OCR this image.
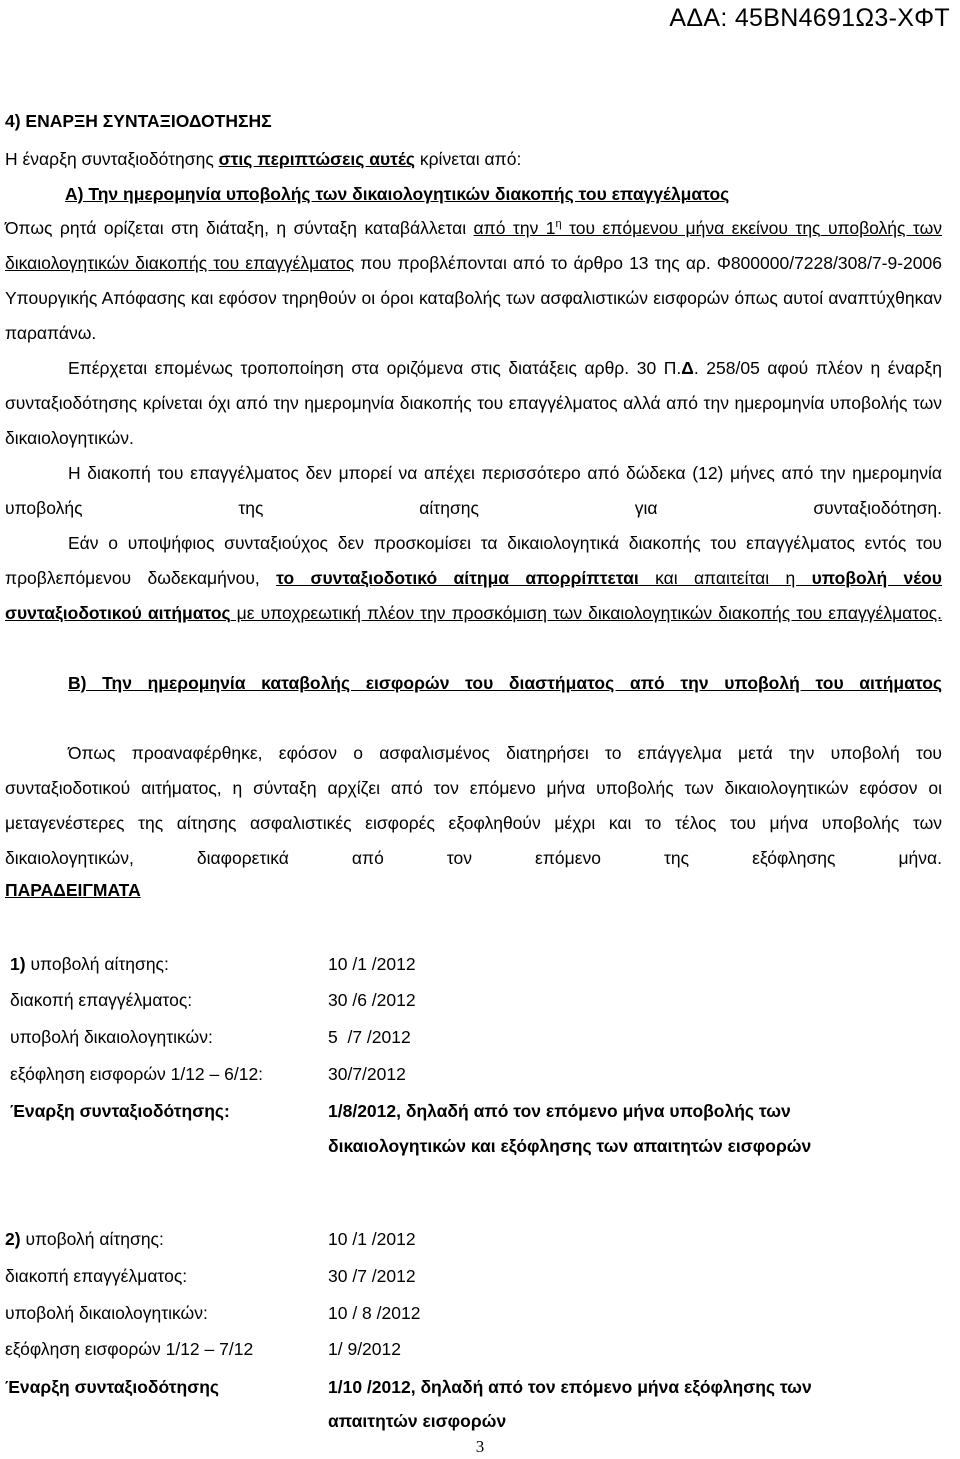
ΑΔΑ: 45ΒΝ4691Ω3-ΧΦΤ
4) ΕΝΑΡΞΗ ΣΥΝΤΑΞΙΟΔΟΤΗΣΗΣ
Η έναρξη συνταξιοδότησης στις περιπτώσεις αυτές κρίνεται από:
Α) Την ημερομηνία υποβολής των δικαιολογητικών διακοπής του επαγγέλματος
Όπως ρητά ορίζεται στη διάταξη, η σύνταξη καταβάλλεται από την $1^\eta$ του επόμενου μήνα εκείνου της υποβολής των δικαιολογητικών διακοπής του επαγγέλματος που προβλέπονται από το άρθρο 13 της αρ. Φ800000/7228/308/7-9-2006 Υπουργικής Απόφασης και εφόσον τηρηθούν οι όροι καταβολής των ασφαλιστικών εισφορών όπως αυτοί αναπτύχθηκαν παραπάνω.
Επέρχεται επομένως τροποποίηση στα οριζόμενα στις διατάξεις αρθρ. 30 Π.Δ. 258/05 αφού πλέον η έναρξη συνταξιοδότησης κρίνεται όχι από την ημερομηνία διακοπής του επαγγέλματος αλλά από την ημερομηνία υποβολής των δικαιολογητικών.
Η διακοπή του επαγγέλματος δεν μπορεί να απέχει περισσότερο από δώδεκα (12) μήνες από την ημερομηνία υποβολής της αίτησης για συνταξιοδότηση.
Εάν ο υποψήφιος συνταξιούχος δεν προσκομίσει τα δικαιολογητικά διακοπής του επαγγέλματος εντός του προβλεπόμενου δωδεκαμήνου, το συνταξιοδοτικό αίτημα απορρίπτεται και απαιτείται η υποβολή νέου συνταξιοδοτικού αιτήματος με υποχρεωτική πλέον την προσκόμιση των δικαιολογητικών διακοπής του επαγγέλματος.
Β) Την ημερομηνία καταβολής εισφορών του διαστήματος από την υποβολή του αιτήματος
Όπως προαναφέρθηκε, εφόσον ο ασφαλισμένος διατηρήσει το επάγγελμα μετά την υποβολή του συνταξιοδοτικού αιτήματος, η σύνταξη αρχίζει από τον επόμενο μήνα υποβολής των δικαιολογητικών εφόσον οι μεταγενέστερες της αίτησης ασφαλιστικές εισφορές εξοφληθούν μέχρι και το τέλος του μήνα υποβολής των δικαιολογητικών, διαφορετικά από τον επόμενο της εξόφλησης μήνα.
ΠΑΡΑΔΕΙΓΜΑΤΑ
1) υποβολή αίτησης:	10 /1 /2012
διακοπή επαγγέλματος:	30 /6 /2012
υποβολή δικαιολογητικών:	5  /7 /2012
εξόφληση εισφορών 1/12 – 6/12:	30/7/2012
Έναρξη συνταξιοδότησης:	1/8/2012, δηλαδή από τον επόμενο μήνα υποβολής των
δικαιολογητικών και εξόφλησης των απαιτητών εισφορών
2) υποβολή αίτησης:	10 /1 /2012
διακοπή επαγγέλματος:	30 /7 /2012
υποβολή δικαιολογητικών:	10 / 8 /2012
εξόφληση εισφορών 1/12 – 7/12	1/ 9/2012
Έναρξη συνταξιοδότησης	1/10 /2012, δηλαδή από τον επόμενο μήνα εξόφλησης των
απαιτητών εισφορών
3
